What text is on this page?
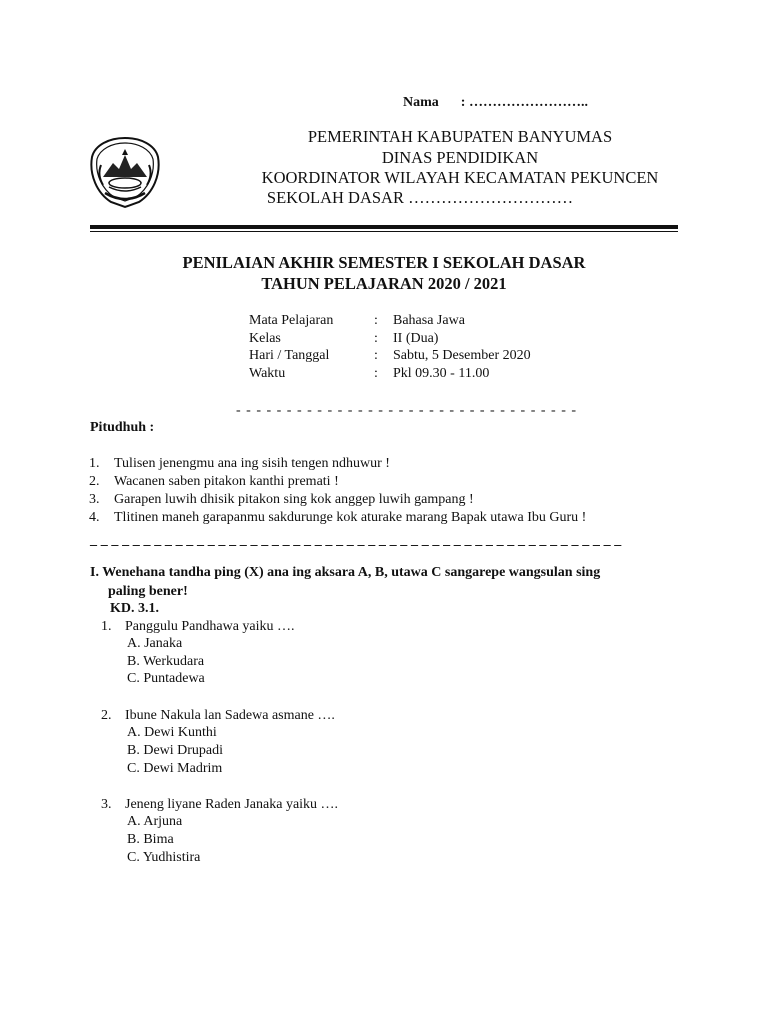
Nama : ……………………..
PEMERINTAH KABUPATEN BANYUMAS
DINAS PENDIDIKAN
KOORDINATOR WILAYAH KECAMATAN PEKUNCEN
SEKOLAH DASAR …………………………
PENILAIAN AKHIR SEMESTER I SEKOLAH DASAR
TAHUN PELAJARAN 2020 / 2021
Mata Pelajaran	: Bahasa Jawa
Kelas	: II (Dua)
Hari / Tanggal	: Sabtu, 5 Desember 2020
Waktu	: Pkl 09.30 - 11.00
- - - - - - - - - - - - - - - - - - - - - - - - - - - - - - - - - -
Pitudhuh :
1. Tulisen jenengmu ana ing sisih tengen ndhuwur !
2. Wacanen saben pitakon kanthi premati !
3. Garapen luwih dhisik pitakon sing kok anggep luwih gampang !
4. Tlitinen maneh garapanmu sakdurunge kok aturake marang Bapak utawa Ibu Guru !
_ _ _ _ _ _ _ _ _ _ _ _ _ _ _ _ _ _ _ _ _ _ _ _ _ _ _ _ _ _ _ _ _ _ _ _ _ _ _ _ _ _ _ _ _ _ _ _ _ _
I. Wenehana tandha ping (X) ana ing aksara A, B, utawa C sangarepe wangsulan sing
paling bener!
KD. 3.1.
1. Panggulu Pandhawa yaiku ….
A. Janaka
B. Werkudara
C. Puntadewa
2. Ibune Nakula lan Sadewa asmane ….
A. Dewi Kunthi
B. Dewi Drupadi
C. Dewi Madrim
3. Jeneng liyane Raden Janaka yaiku ….
A. Arjuna
B. Bima
C. Yudhistira
